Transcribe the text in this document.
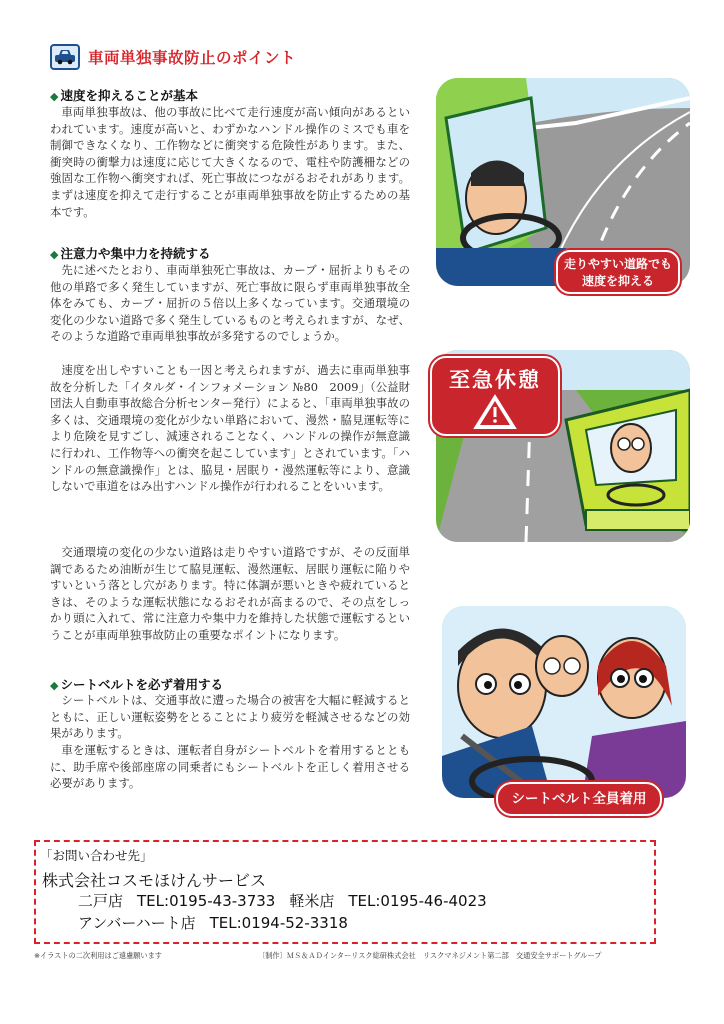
車両単独事故防止のポイント
◆ 速度を抑えることが基本

車両単独事故は、他の事故に比べて走行速度が高い傾向があるといわれています。速度が高いと、わずかなハンドル操作のミスでも車を制御できなくなり、工作物などに衝突する危険性があります。また、衝突時の衝撃力は速度に応じて大きくなるので、電柱や防護柵などの強固な工作物へ衝突すれば、死亡事故につながるおそれがあります。まずは速度を抑えて走行することが車両単独事故を防止するための基本です。

◆ 注意力や集中力を持続する

先に述べたとおり、車両単独死亡事故は、カーブ・屈折よりもその他の単路で多く発生していますが、死亡事故に限らず車両単独事故全体をみても、カーブ・屈折の５倍以上多くなっています。交通環境の変化の少ない道路で多く発生しているものと考えられますが、なぜ、そのような道路で車両単独事故が多発するのでしょうか。

速度を出しやすいことも一因と考えられますが、過去に車両単独事故を分析した「イタルダ・インフォメーション №80　2009」（公益財団法人自動車事故総合分析センター発行）によると、「車両単独事故の多くは、交通環境の変化が少ない単路において、漫然・脇見運転等により危険を見すごし、減速されることなく、ハンドルの操作が無意識に行われ、工作物等への衝突を起こしています」とされています。「ハンドルの無意識操作」とは、脇見・居眠り・漫然運転等により、意識しないで車道をはみ出すハンドル操作が行われることをいいます。

交通環境の変化の少ない道路は走りやすい道路ですが、その反面単調であるため油断が生じて脇見運転、漫然運転、居眠り運転に陥りやすいという落とし穴があります。特に体調が悪いときや疲れているときは、そのような運転状態になるおそれが高まるので、その点をしっかり頭に入れて、常に注意力や集中力を維持した状態で運転するということが車両単独事故防止の重要なポイントになります。

◆ シートベルトを必ず着用する

シートベルトは、交通事故に遭った場合の被害を大幅に軽減するとともに、正しい運転姿勢をとることにより疲労を軽減させるなどの効果があります。

車を運転するときは、運転者自身がシートベルトを着用するとともに、助手席や後部座席の同乗者にもシートベルトを正しく着用させる必要があります。

走りやすい道路でも
速度を抑える
至急休憩
シートベルト全員着用
「お問い合わせ先」
株式会社コスモほけんサービス
二戸店 TEL:0195-43-3733 軽米店 TEL:0195-46-4023
アンバーハート店 TEL:0194-52-3318
※イラストの二次利用はご遠慮願います	〔制作〕ＭＳ＆ＡＤインターリスク総研株式会社　リスクマネジメント第二部　交通安全サポートグループ
